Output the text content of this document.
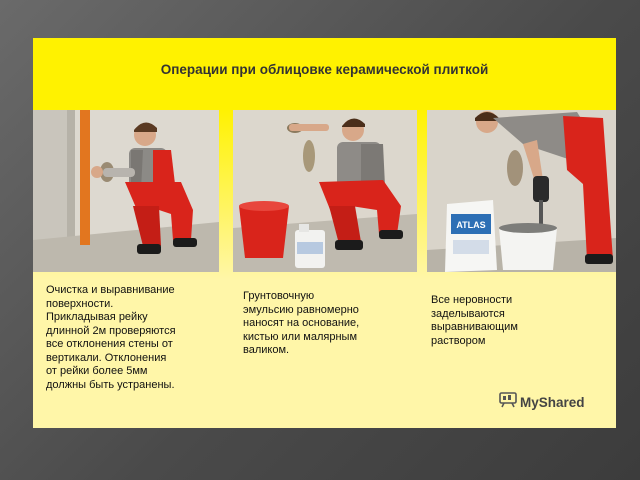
Операции при облицовке керамической плиткой
ATLAS
Очистка и выравнивание
поверхности.
Прикладывая рейку
длинной 2м проверяются
все отклонения стены от
вертикали. Отклонения
от рейки более 5мм
должны быть устранены.
Грунтовочную
эмульсию равномерно
наносят на основание,
кистью или малярным
валиком.
Все неровности
заделываются
выравнивающим
раствором
MyShared
